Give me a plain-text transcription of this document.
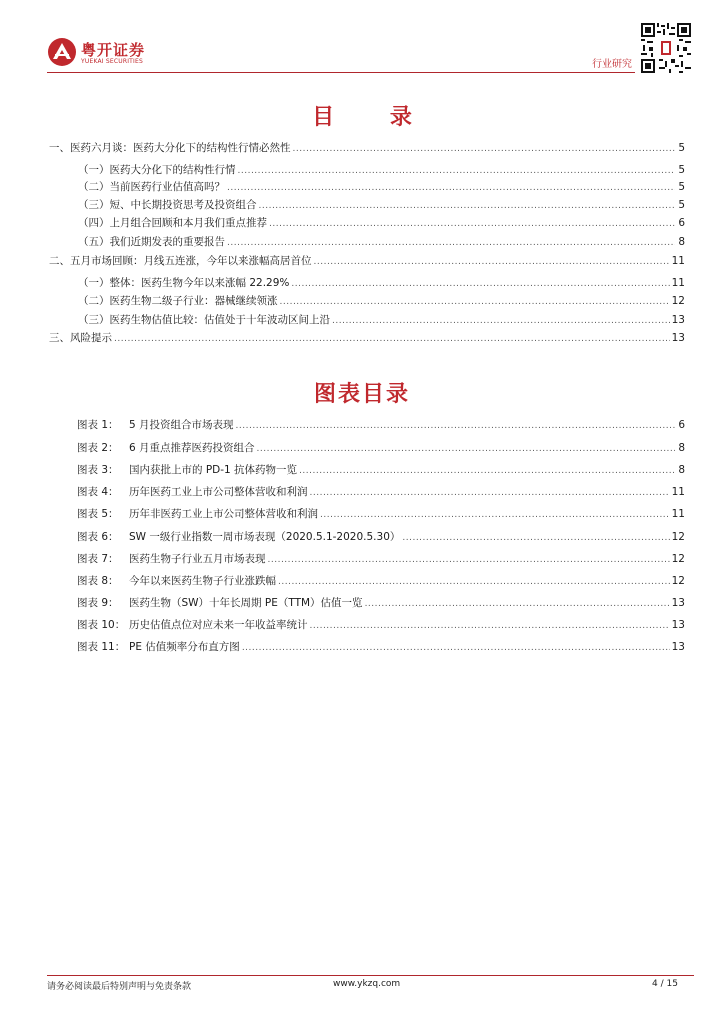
粤开证券
YUEKAI SECURITIES	行业研究
目 录
一、医药六月谈：医药大分化下的结构性行情必然性 .....	5
（一）医药大分化下的结构性行情 .....	5
（二）当前医药行业估值高吗？ .....	5
（三）短、中长期投资思考及投资组合 .....	5
（四）上月组合回顾和本月我们重点推荐 .....	6
（五）我们近期发表的重要报告 .....	8
二、五月市场回顾：月线五连涨，今年以来涨幅高居首位 .....	11
（一）整体：医药生物今年以来涨幅 22.29% .....	11
（二）医药生物二级子行业：器械继续领涨 .....	12
（三）医药生物估值比较：估值处于十年波动区间上沿 .....	13
三、风险提示 .....	13
图表目录
图表 1： 5 月投资组合市场表现 .....	6
图表 2： 6 月重点推荐医药投资组合 .....	8
图表 3： 国内获批上市的 PD-1 抗体药物一览 .....	8
图表 4： 历年医药工业上市公司整体营收和利润 .....	11
图表 5： 历年非医药工业上市公司整体营收和利润 .....	11
图表 6： SW 一级行业指数一周市场表现（2020.5.1-2020.5.30） .....	12
图表 7： 医药生物子行业五月市场表现 .....	12
图表 8： 今年以来医药生物子行业涨跌幅 .....	12
图表 9： 医药生物（SW）十年长周期 PE（TTM）估值一览 .....	13
图表 10： 历史估值点位对应未来一年收益率统计 .....	13
图表 11： PE 估值频率分布直方图 .....	13
请务必阅读最后特别声明与免责条款	www.ykzq.com	4 / 15
